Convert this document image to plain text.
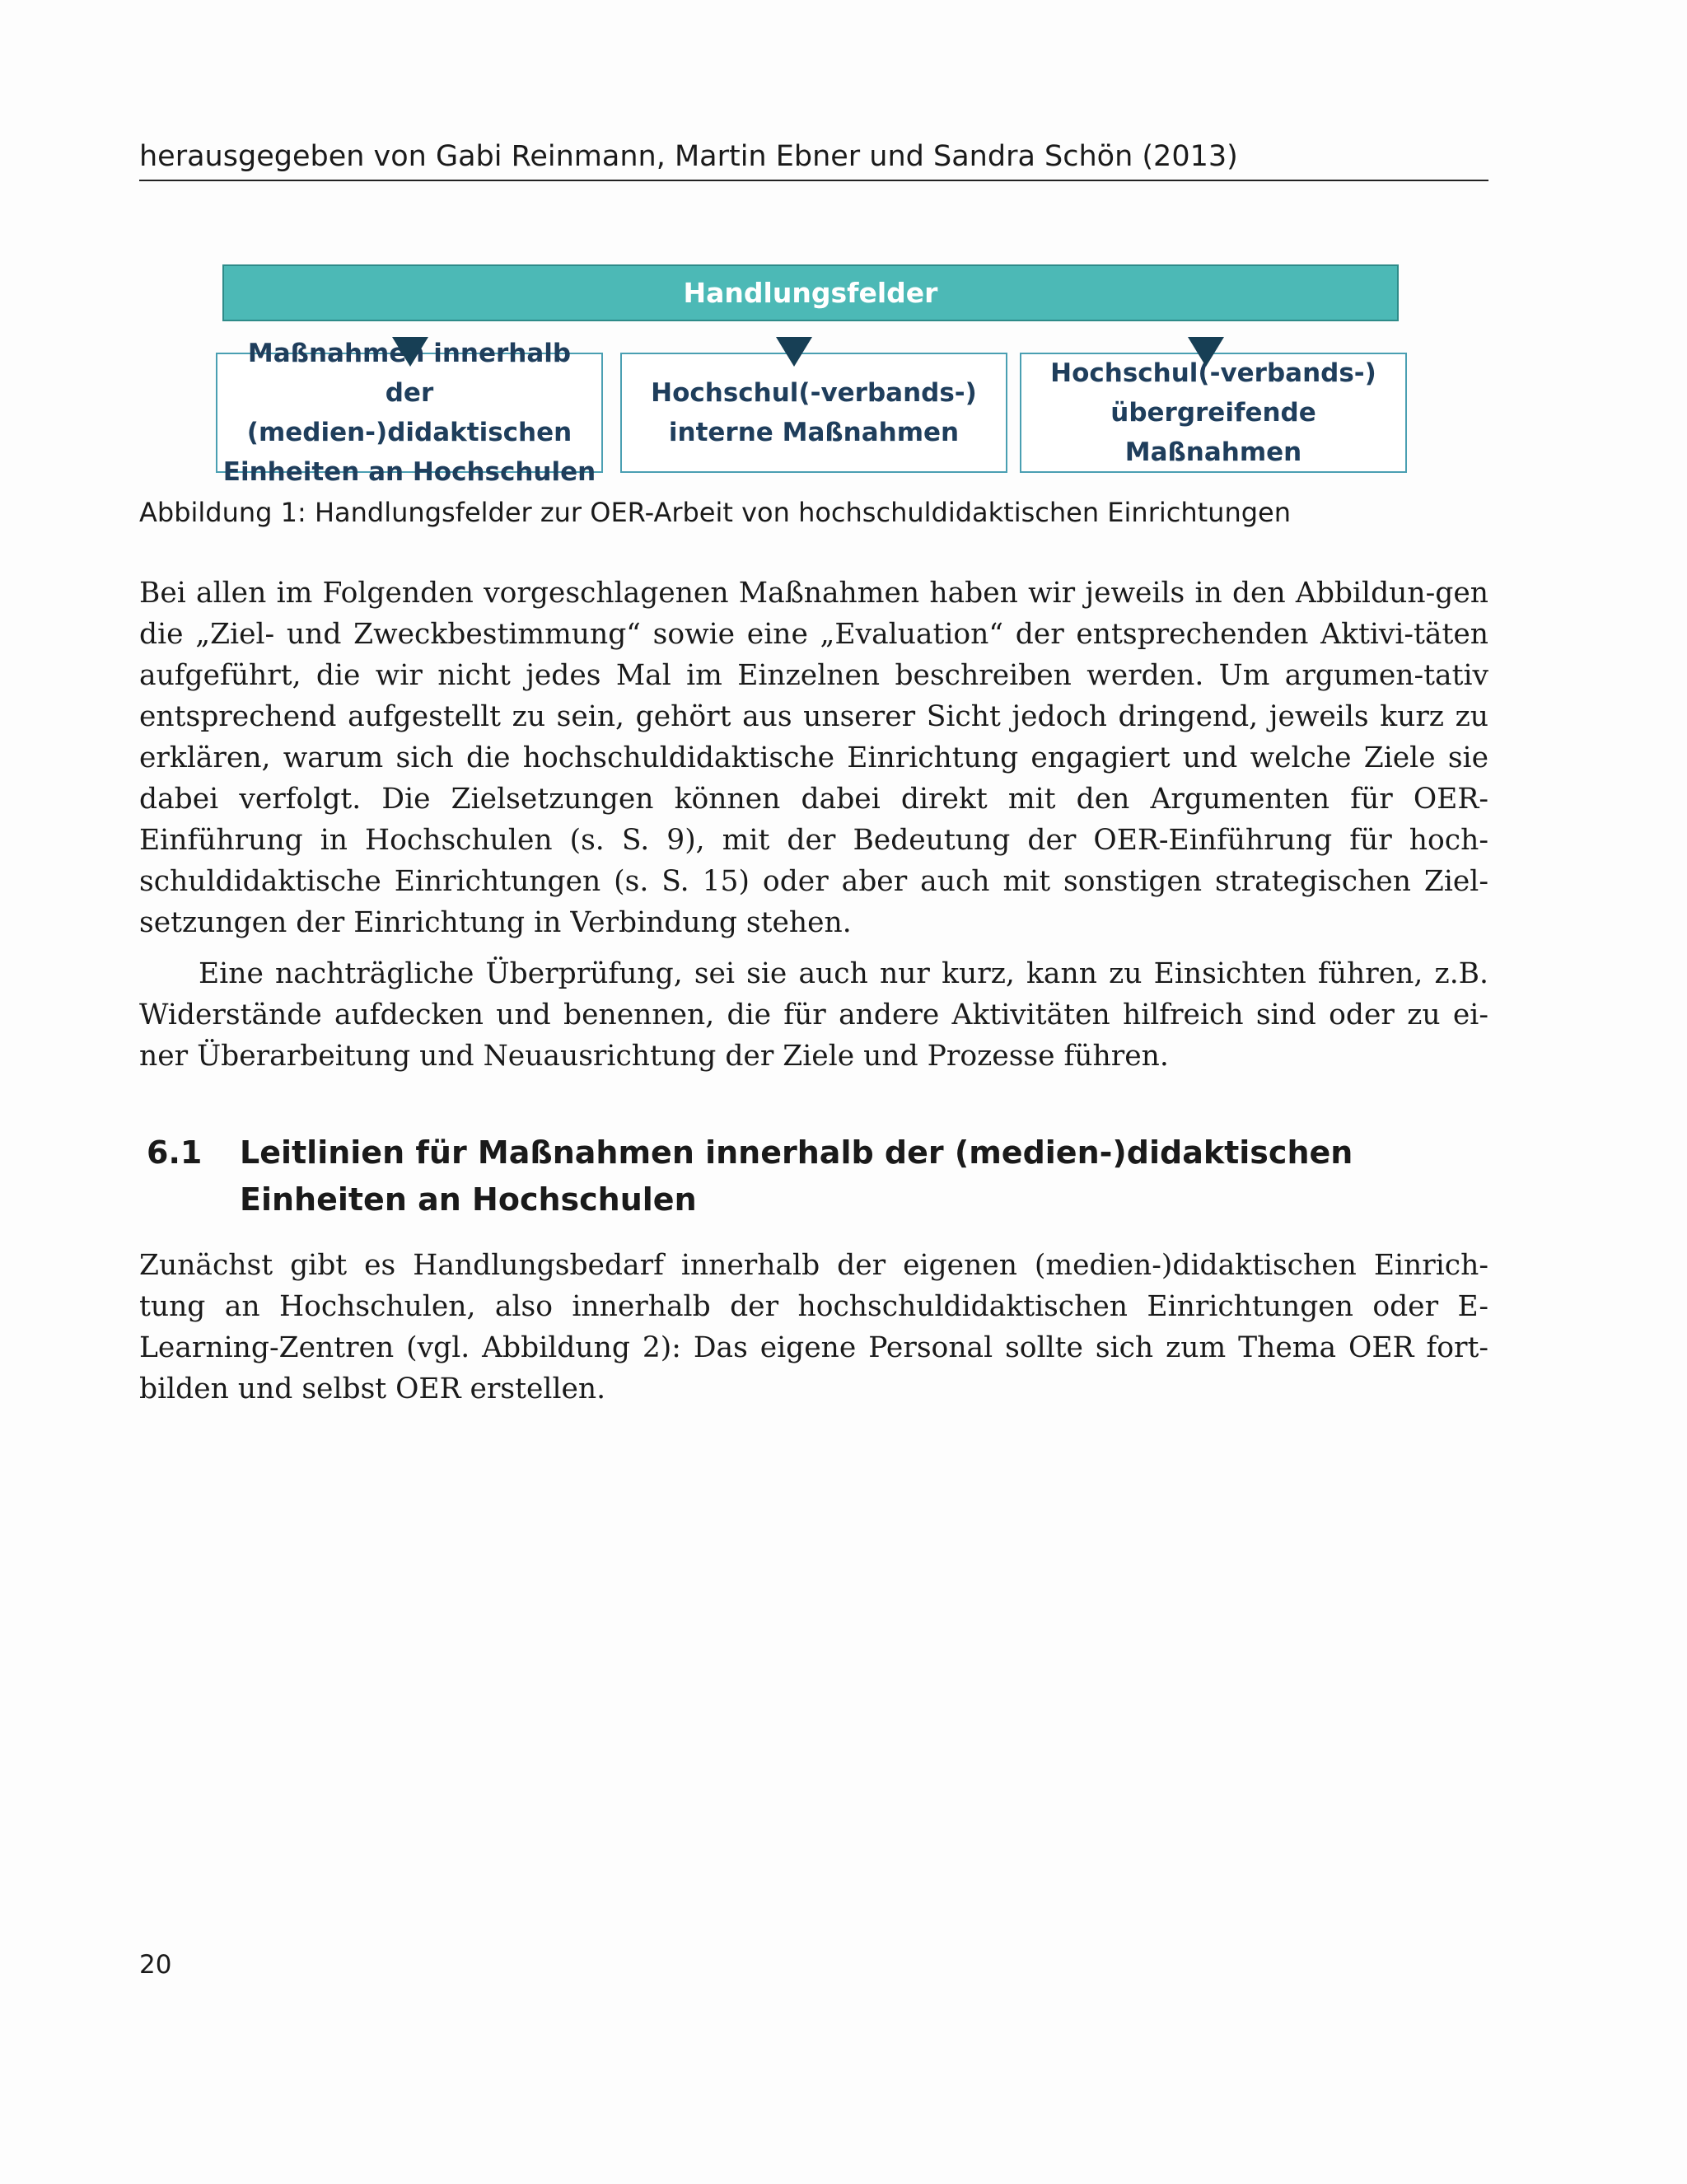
herausgegeben von Gabi Reinmann, Martin Ebner und Sandra Schön (2013)
Handlungsfelder
Maßnahmen innerhalb der
(medien-)didaktischen
Einheiten an Hochschulen
Hochschul(-verbands-)
interne Maßnahmen
Hochschul(-verbands-)
übergreifende Maßnahmen
Abbildung 1: Handlungsfelder zur OER-Arbeit von hochschuldidaktischen Einrichtungen
Bei allen im Folgenden vorgeschlagenen Maßnahmen haben wir jeweils in den Abbildun-gen die „Ziel- und Zweckbestimmung“ sowie eine „Evaluation“ der entsprechenden Aktivi-täten aufgeführt, die wir nicht jedes Mal im Einzelnen beschreiben werden. Um argumen-tativ entsprechend aufgestellt zu sein, gehört aus unserer Sicht jedoch dringend, jeweils kurz zu erklären, warum sich die hochschuldidaktische Einrichtung engagiert und welche Ziele sie dabei verfolgt. Die Zielsetzungen können dabei direkt mit den Argumenten für OER-Einführung in Hochschulen (s. S. 9), mit der Bedeutung der OER-Einführung für hoch-schuldidaktische Einrichtungen (s. S. 15) oder aber auch mit sonstigen strategischen Ziel-setzungen der Einrichtung in Verbindung stehen.
Eine nachträgliche Überprüfung, sei sie auch nur kurz, kann zu Einsichten führen, z.B. Widerstände aufdecken und benennen, die für andere Aktivitäten hilfreich sind oder zu ei-ner Überarbeitung und Neuausrichtung der Ziele und Prozesse führen.
6.1	Leitlinien für Maßnahmen innerhalb der (medien-)didaktischen Einheiten an Hochschulen
Zunächst gibt es Handlungsbedarf innerhalb der eigenen (medien-)didaktischen Einrich-tung an Hochschulen, also innerhalb der hochschuldidaktischen Einrichtungen oder E-Learning-Zentren (vgl. Abbildung 2): Das eigene Personal sollte sich zum Thema OER fort-bilden und selbst OER erstellen.
20
